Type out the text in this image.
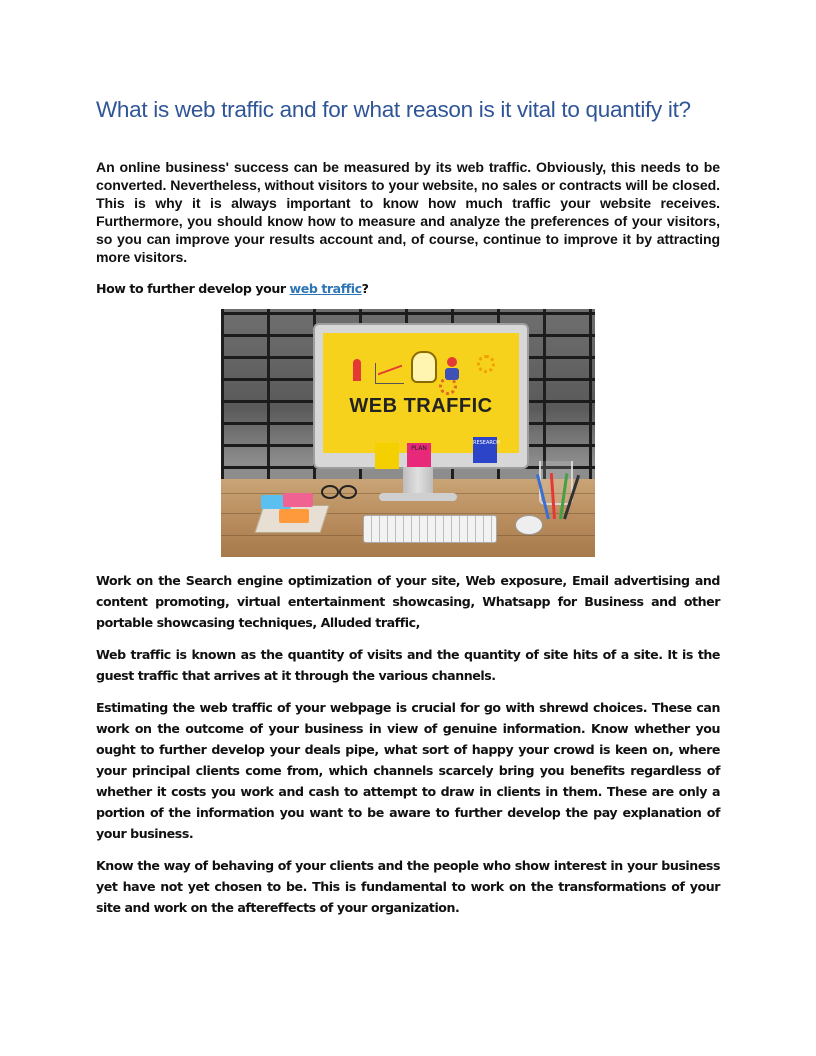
What is web traffic and for what reason is it vital to quantify it?

An online business' success can be measured by its web traffic. Obviously, this needs to be converted. Nevertheless, without visitors to your website, no sales or contracts will be closed. This is why it is always important to know how much traffic your website receives. Furthermore, you should know how to measure and analyze the preferences of your visitors, so you can improve your results account and, of course, continue to improve it by attracting more visitors.

How to further develop your web traffic?

WEB TRAFFIC
PLAN
RESEARCH

Work on the Search engine optimization of your site, Web exposure, Email advertising and content promoting, virtual entertainment showcasing, Whatsapp for Business and other portable showcasing techniques, Alluded traffic,

Web traffic is known as the quantity of visits and the quantity of site hits of a site. It is the guest traffic that arrives at it through the various channels.

Estimating the web traffic of your webpage is crucial for go with shrewd choices. These can work on the outcome of your business in view of genuine information. Know whether you ought to further develop your deals pipe, what sort of happy your crowd is keen on, where your principal clients come from, which channels scarcely bring you benefits regardless of whether it costs you work and cash to attempt to draw in clients in them. These are only a portion of the information you want to be aware to further develop the pay explanation of your business.

Know the way of behaving of your clients and the people who show interest in your business yet have not yet chosen to be. This is fundamental to work on the transformations of your site and work on the aftereffects of your organization.
